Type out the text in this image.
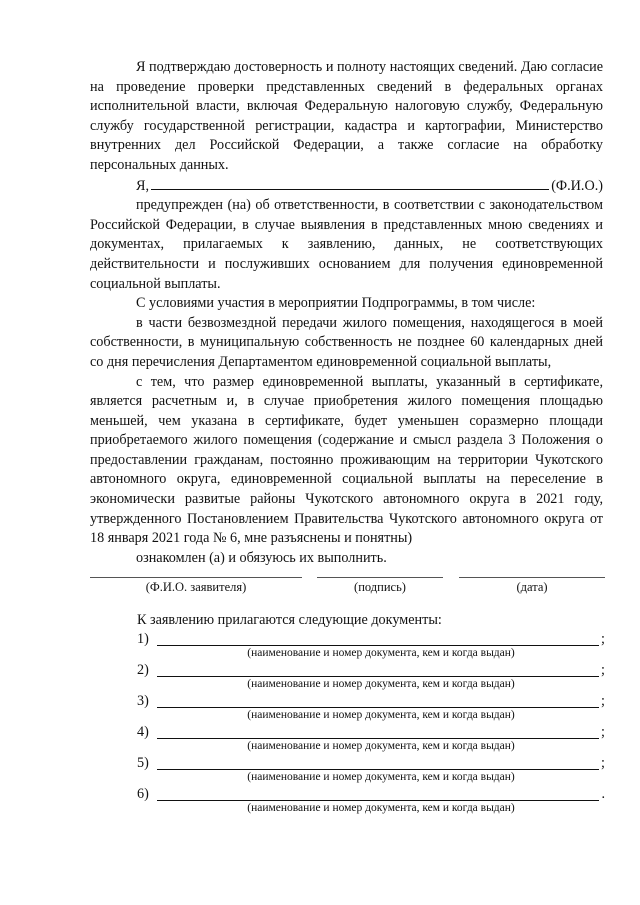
Я подтверждаю достоверность и полноту настоящих сведений. Даю согласие на проведение проверки представленных сведений в федеральных органах исполнительной власти, включая Федеральную налоговую службу, Федеральную службу государственной регистрации, кадастра и картографии, Министерство внутренних дел Российской Федерации, а также согласие на обработку персональных данных.

Я,	(Ф.И.О.)

предупрежден (на) об ответственности, в соответствии с законодательством Российской Федерации, в случае выявления в представленных мною сведениях и документах, прилагаемых к заявлению, данных, не соответствующих действительности и послуживших основанием для получения единовременной социальной выплаты.

С условиями участия в мероприятии Подпрограммы, в том числе:

в части безвозмездной передачи жилого помещения, находящегося в моей собственности, в муниципальную собственность не позднее 60 календарных дней со дня перечисления Департаментом единовременной социальной выплаты,

с тем, что размер единовременной выплаты, указанный в сертификате, является расчетным и, в случае приобретения жилого помещения площадью меньшей, чем указана в сертификате, будет уменьшен соразмерно площади приобретаемого жилого помещения (содержание и смысл раздела 3 Положения о предоставлении гражданам, постоянно проживающим на территории Чукотского автономного округа, единовременной социальной выплаты на переселение в экономически развитые районы Чукотского автономного округа в 2021 году, утвержденного Постановлением Правительства Чукотского автономного округа от 18 января 2021 года № 6, мне разъяснены и понятны)

ознакомлен (а) и обязуюсь их выполнить.

(Ф.И.О. заявителя)	(подпись)	(дата)

К заявлению прилагаются следующие документы:

1)	;
(наименование и номер документа, кем и когда выдан)
2)	;
(наименование и номер документа, кем и когда выдан)
3)	;
(наименование и номер документа, кем и когда выдан)
4)	;
(наименование и номер документа, кем и когда выдан)
5)	;
(наименование и номер документа, кем и когда выдан)
6)	.
(наименование и номер документа, кем и когда выдан)
